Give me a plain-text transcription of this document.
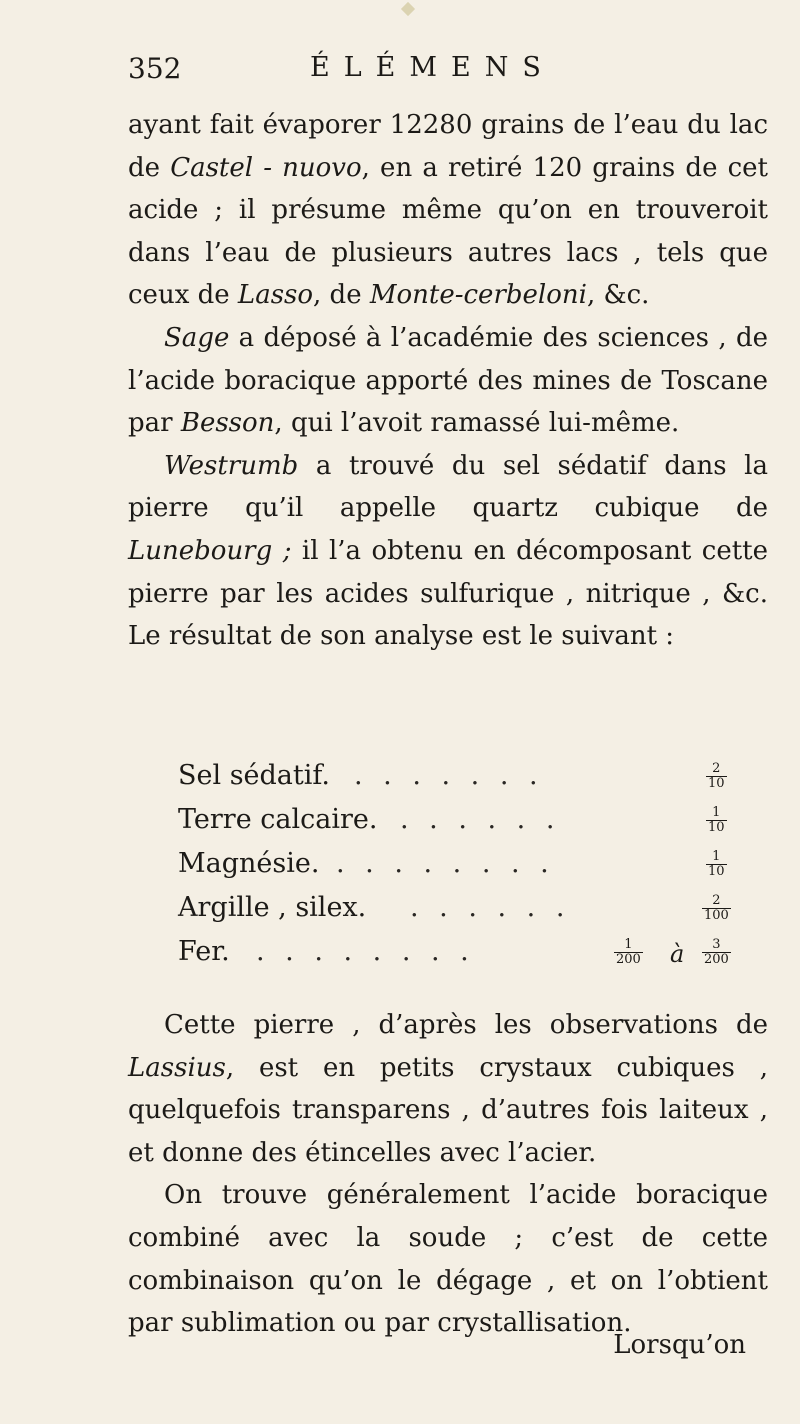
352	ÉLÉMENS

ayant fait évaporer 12280 grains de l’eau du lac de Castel - nuovo, en a retiré 120 grains de cet acide ; il présume même qu’on en trouveroit dans l’eau de plusieurs autres lacs , tels que ceux de Lasso, de Monte-cerbeloni, &c.

Sage a déposé à l’académie des sciences , de l’acide boracique apporté des mines de Toscane par Besson, qui l’avoit ramassé lui-même.

Westrumb a trouvé du sel sédatif dans la pierre qu’il appelle quartz cubique de Lunebourg ; il l’a obtenu en décomposant cette pierre par les acides sulfurique , nitrique , &c. Le résultat de son analyse est le suivant :

Sel sédatif. . . . . . . .	$\frac{2}{10}$
Terre calcaire. . . . . . .	$\frac{1}{10}$
Magnésie. . . . . . . . .	$\frac{1}{10}$
Argille , silex. . . . . . .	$\frac{2}{100}$
Fer. . . . . . . . .	$\frac{1}{200}$ à $\frac{3}{200}$

Cette pierre , d’après les observations de Lassius, est en petits crystaux cubiques , quelquefois transparens , d’autres fois laiteux , et donne des étincelles avec l’acier.

On trouve généralement l’acide boracique combiné avec la soude ; c’est de cette combinaison qu’on le dégage , et on l’obtient par sublimation ou par crystallisation.

Lorsqu’on
